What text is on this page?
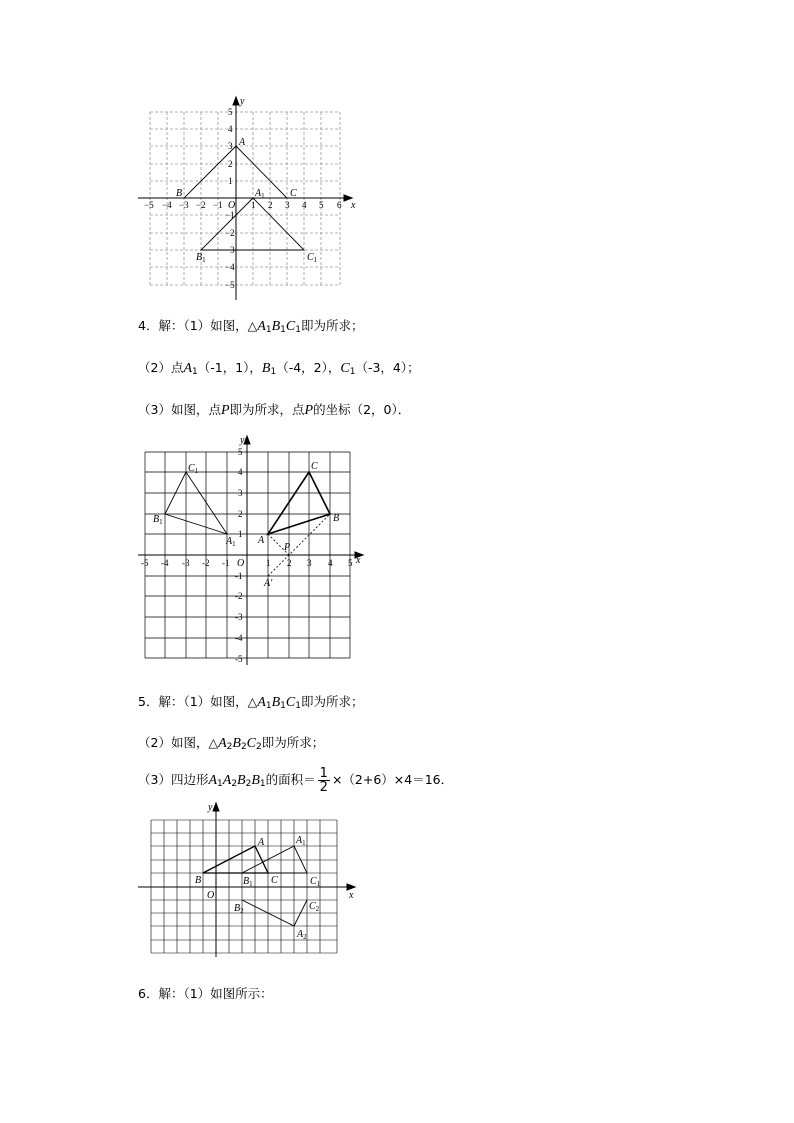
−5 −4 −3 −2 −1	1 2 3 4 5 6
5
4
3
2
1
−1
−2
−3
−4
−5
x
y
O
A
B	C
$A_1$
$B_1$	$C_1$
4．解：（1）如图，$\triangle A_1B_1C_1$即为所求；
（2）点$A_1(-1$，1），$B_1(-4$，2），$C_1(-3$，4）；
（3）如图，点P即为所求，点P的坐标（2，0）．
-5 -4 -3 -2 -1	1 2 3 4 5
5
4
3
2
1
-1
-2
-3
-4
-5
x
y
O
A
B
C
P
A′
$C_1$
$B_1$
$A_1$
5．解：（1）如图，$\triangle A_1B_1C_1$即为所求；
（2）如图，$\triangle A_2B_2C_2$即为所求；
（3）四边形$A_1A_2B_2B_1$的面积＝ $\frac{1}{2} \times(2+6)\times 4=16$．
x
y
O
A
B	C
$A_1$
$B_1$	$C_1$
$B_2$	$C_2$
$A_2$
6．解：（1）如图所示：
